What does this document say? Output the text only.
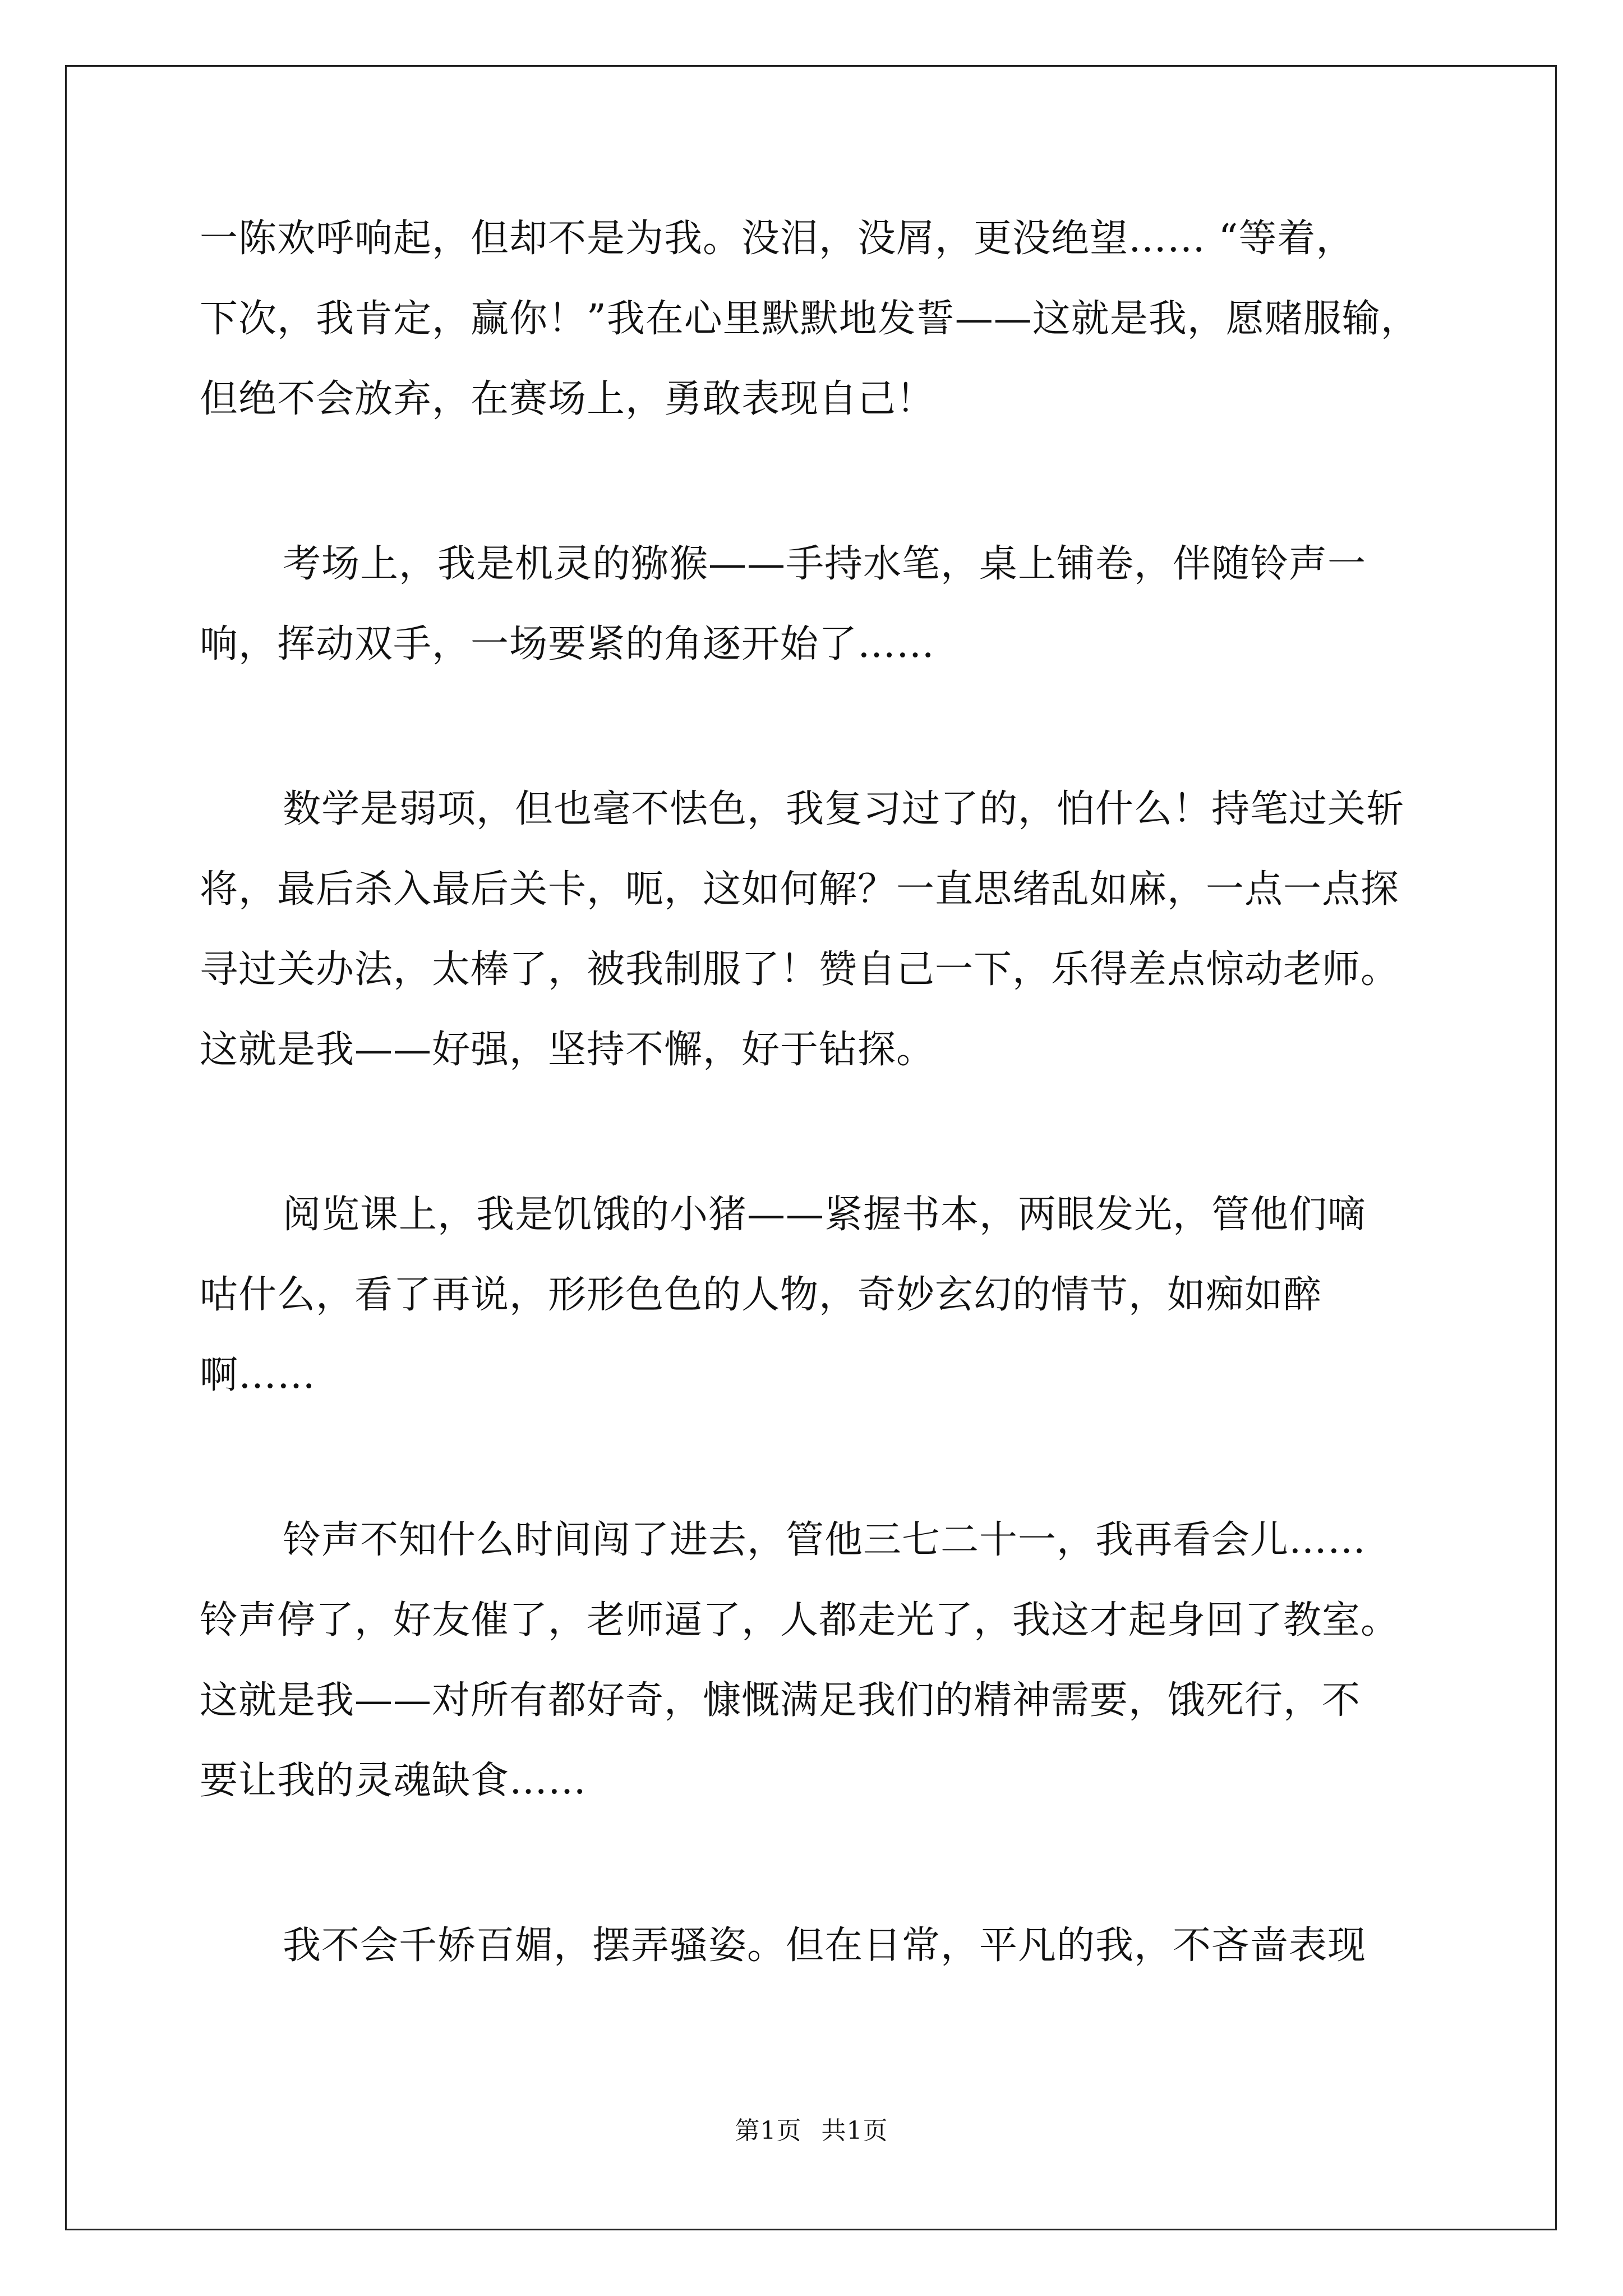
一陈欢呼响起，但却不是为我。没泪，没屑，更没绝望…… “等着，
下次，我肯定，赢你！”我在心里默默地发誓——这就是我，愿赌服输，
但绝不会放弃，在赛场上，勇敢表现自己！
考场上，我是机灵的猕猴——手持水笔，桌上铺卷，伴随铃声一
响，挥动双手，一场要紧的角逐开始了……
数学是弱项，但也毫不怯色，我复习过了的，怕什么！持笔过关斩
将，最后杀入最后关卡，呃，这如何解？一直思绪乱如麻，一点一点探
寻过关办法，太棒了，被我制服了！赞自己一下，乐得差点惊动老师。
这就是我——好强，坚持不懈，好于钻探。
阅览课上，我是饥饿的小猪——紧握书本，两眼发光，管他们嘀
咕什么，看了再说，形形色色的人物，奇妙玄幻的情节，如痴如醉
啊……
铃声不知什么时间闯了进去，管他三七二十一，我再看会儿……
铃声停了，好友催了，老师逼了，人都走光了，我这才起身回了教室。
这就是我——对所有都好奇，慷慨满足我们的精神需要，饿死行，不
要让我的灵魂缺食……
我不会千娇百媚，摆弄骚姿。但在日常，平凡的我，不吝啬表现
第1页 共1页
